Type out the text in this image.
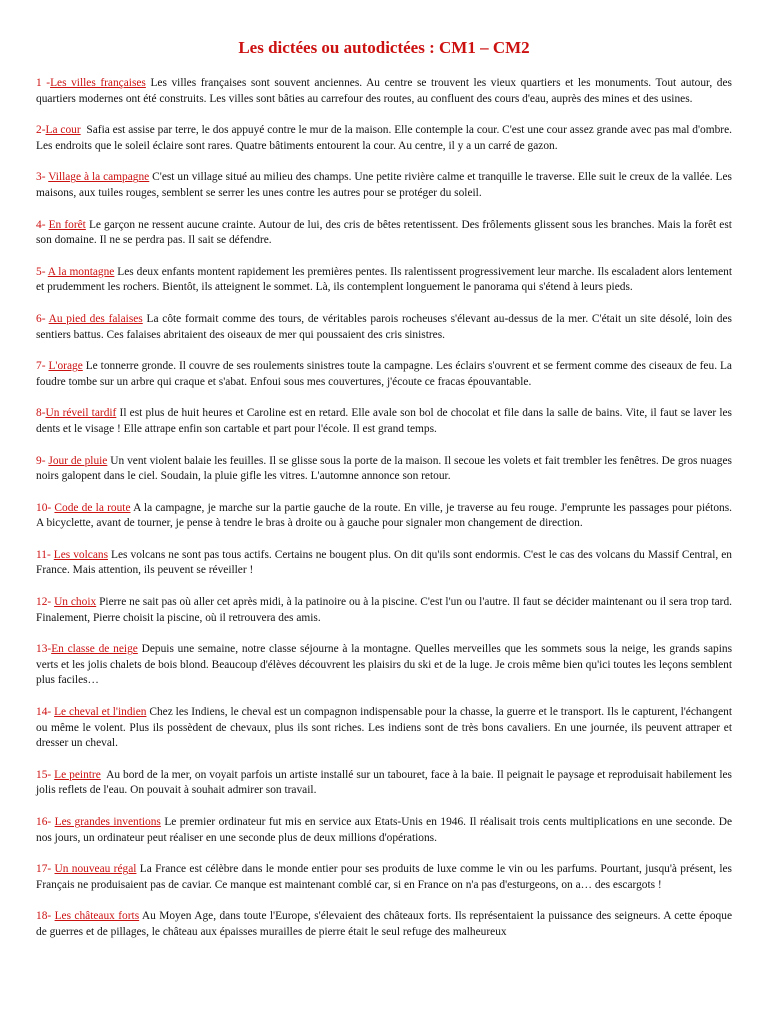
Les dictées ou autodictées : CM1 – CM2

1 -Les villes françaises Les villes françaises sont souvent anciennes. Au centre se trouvent les vieux quartiers et les monuments. Tout autour, des quartiers modernes ont été construits. Les villes sont bâties au carrefour des routes, au confluent des cours d'eau, auprès des mines et des usines.

2-La cour Safia est assise par terre, le dos appuyé contre le mur de la maison. Elle contemple la cour. C'est une cour assez grande avec pas mal d'ombre. Les endroits que le soleil éclaire sont rares. Quatre bâtiments entourent la cour. Au centre, il y a un carré de gazon.

3- Village à la campagne C'est un village situé au milieu des champs. Une petite rivière calme et tranquille le traverse. Elle suit le creux de la vallée. Les maisons, aux tuiles rouges, semblent se serrer les unes contre les autres pour se protéger du soleil.

4- En forêt Le garçon ne ressent aucune crainte. Autour de lui, des cris de bêtes retentissent. Des frôlements glissent sous les branches. Mais la forêt est son domaine. Il ne se perdra pas. Il sait se défendre.

5- A la montagne Les deux enfants montent rapidement les premières pentes. Ils ralentissent progressivement leur marche. Ils escaladent alors lentement et prudemment les rochers. Bientôt, ils atteignent le sommet. Là, ils contemplent longuement le panorama qui s'étend à leurs pieds.

6- Au pied des falaises La côte formait comme des tours, de véritables parois rocheuses s'élevant au-dessus de la mer. C'était un site désolé, loin des sentiers battus. Ces falaises abritaient des oiseaux de mer qui poussaient des cris sinistres.

7- L'orage Le tonnerre gronde. Il couvre de ses roulements sinistres toute la campagne. Les éclairs s'ouvrent et se ferment comme des ciseaux de feu. La foudre tombe sur un arbre qui craque et s'abat. Enfoui sous mes couvertures, j'écoute ce fracas épouvantable.

8-Un réveil tardif Il est plus de huit heures et Caroline est en retard. Elle avale son bol de chocolat et file dans la salle de bains. Vite, il faut se laver les dents et le visage ! Elle attrape enfin son cartable et part pour l'école. Il est grand temps.

9- Jour de pluie Un vent violent balaie les feuilles. Il se glisse sous la porte de la maison. Il secoue les volets et fait trembler les fenêtres. De gros nuages noirs galopent dans le ciel. Soudain, la pluie gifle les vitres. L'automne annonce son retour.

10- Code de la route A la campagne, je marche sur la partie gauche de la route. En ville, je traverse au feu rouge. J'emprunte les passages pour piétons. A bicyclette, avant de tourner, je pense à tendre le bras à droite ou à gauche pour signaler mon changement de direction.

11- Les volcans Les volcans ne sont pas tous actifs. Certains ne bougent plus. On dit qu'ils sont endormis. C'est le cas des volcans du Massif Central, en France. Mais attention, ils peuvent se réveiller !

12- Un choix Pierre ne sait pas où aller cet après midi, à la patinoire ou à la piscine. C'est l'un ou l'autre. Il faut se décider maintenant ou il sera trop tard. Finalement, Pierre choisit la piscine, où il retrouvera des amis.

13-En classe de neige Depuis une semaine, notre classe séjourne à la montagne. Quelles merveilles que les sommets sous la neige, les grands sapins verts et les jolis chalets de bois blond. Beaucoup d'élèves découvrent les plaisirs du ski et de la luge. Je crois même bien qu'ici toutes les leçons semblent plus faciles…

14- Le cheval et l'indien Chez les Indiens, le cheval est un compagnon indispensable pour la chasse, la guerre et le transport. Ils le capturent, l'échangent ou même le volent. Plus ils possèdent de chevaux, plus ils sont riches. Les indiens sont de très bons cavaliers. En une journée, ils peuvent attraper et dresser un cheval.

15- Le peintre Au bord de la mer, on voyait parfois un artiste installé sur un tabouret, face à la baie. Il peignait le paysage et reproduisait habilement les jolis reflets de l'eau. On pouvait à souhait admirer son travail.

16- Les grandes inventions Le premier ordinateur fut mis en service aux Etats-Unis en 1946. Il réalisait trois cents multiplications en une seconde. De nos jours, un ordinateur peut réaliser en une seconde plus de deux millions d'opérations.

17- Un nouveau régal La France est célèbre dans le monde entier pour ses produits de luxe comme le vin ou les parfums. Pourtant, jusqu'à présent, les Français ne produisaient pas de caviar. Ce manque est maintenant comblé car, si en France on n'a pas d'esturgeons, on a… des escargots !

18- Les châteaux forts Au Moyen Age, dans toute l'Europe, s'élevaient des châteaux forts. Ils représentaient la puissance des seigneurs. A cette époque de guerres et de pillages, le château aux épaisses murailles de pierre était le seul refuge des malheureux
